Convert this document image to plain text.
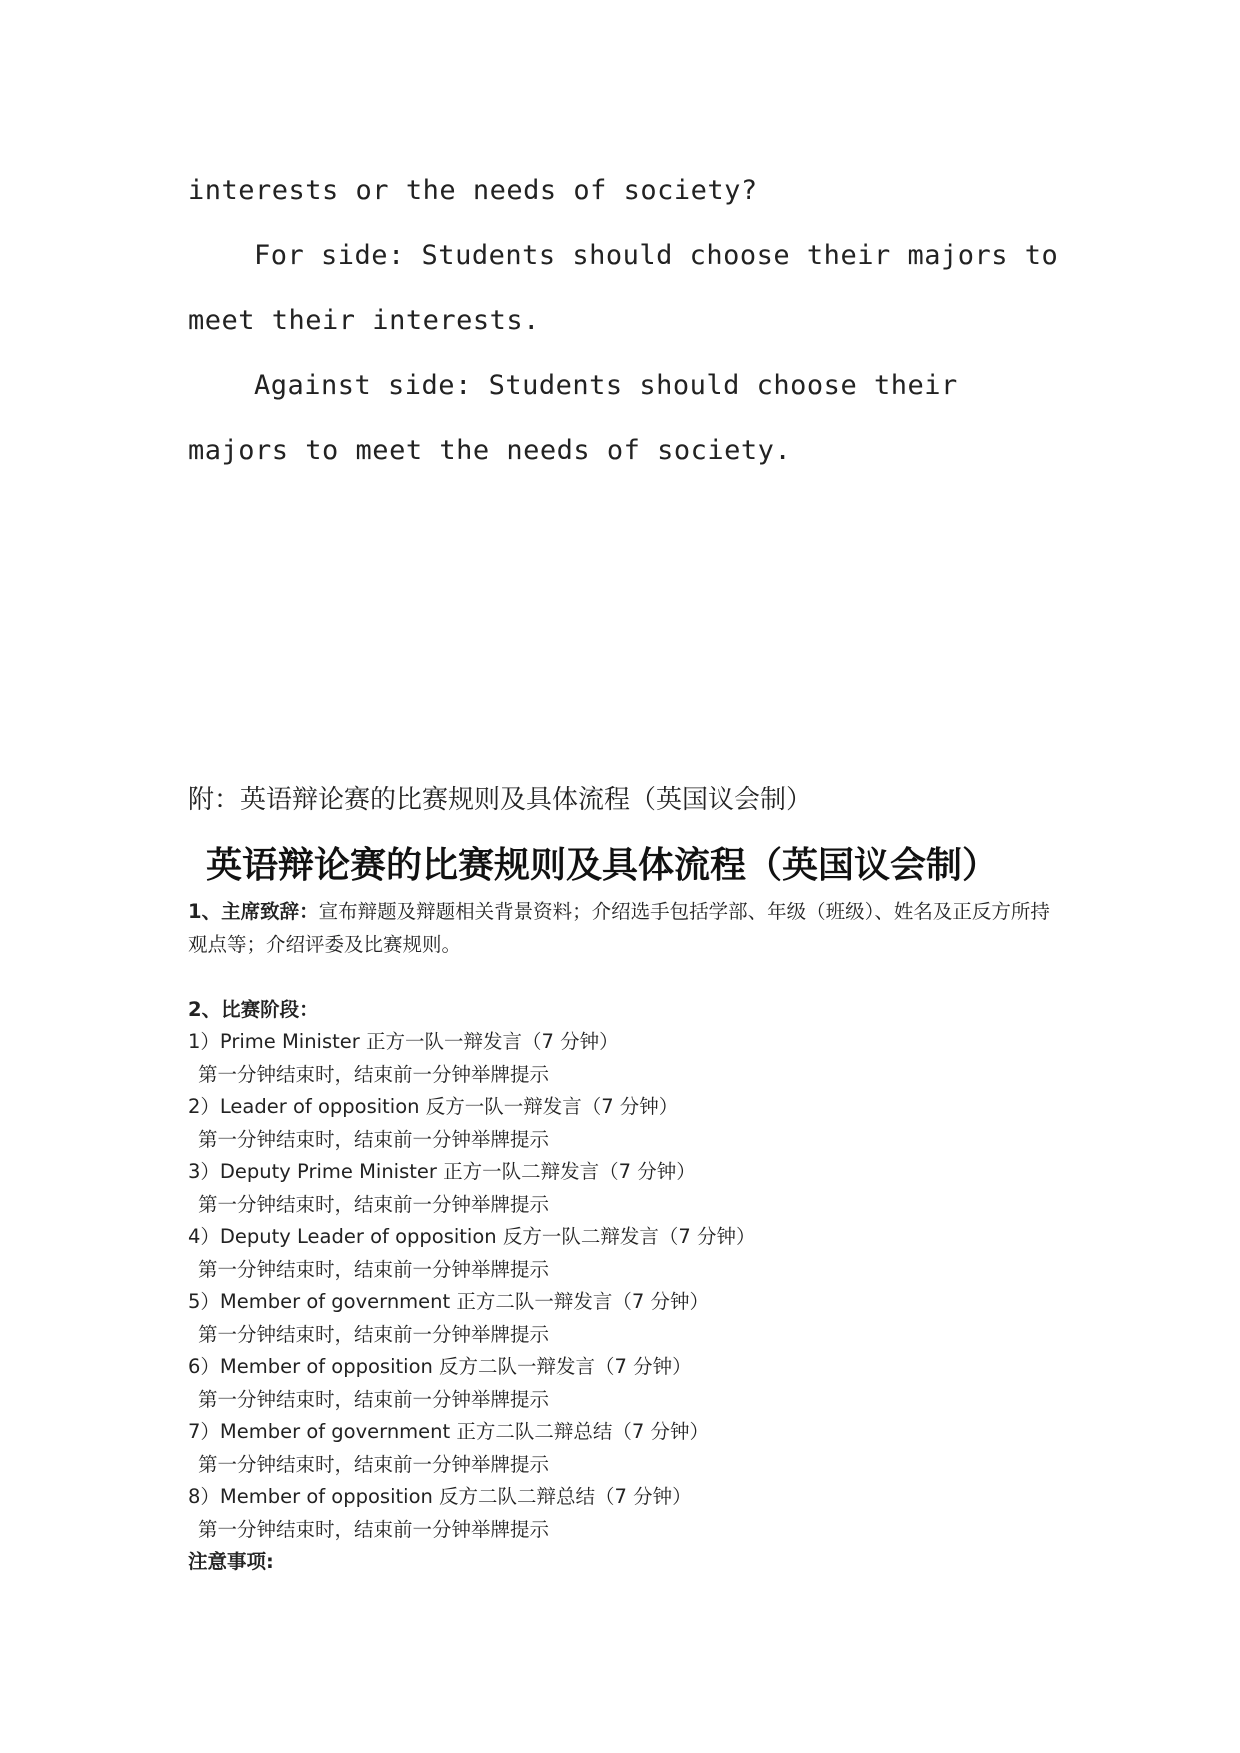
interests or the needs of society?

For side: Students should choose their majors to meet their interests.

Against side: Students should choose their majors to meet the needs of society.

附：英语辩论赛的比赛规则及具体流程（英国议会制）
英语辩论赛的比赛规则及具体流程（英国议会制）

1、主席致辞：宣布辩题及辩题相关背景资料；介绍选手包括学部、年级（班级）、姓名及正反方所持观点等；介绍评委及比赛规则。

2、比赛阶段：

1）Prime Minister 正方一队一辩发言（7 分钟）

第一分钟结束时，结束前一分钟举牌提示

2）Leader of opposition 反方一队一辩发言（7 分钟）

第一分钟结束时，结束前一分钟举牌提示

3）Deputy Prime Minister 正方一队二辩发言（7 分钟）

第一分钟结束时，结束前一分钟举牌提示

4）Deputy Leader of opposition 反方一队二辩发言（7 分钟）

第一分钟结束时，结束前一分钟举牌提示

5）Member of government 正方二队一辩发言（7 分钟）

第一分钟结束时，结束前一分钟举牌提示

6）Member of opposition 反方二队一辩发言（7 分钟）

第一分钟结束时，结束前一分钟举牌提示

7）Member of government 正方二队二辩总结（7 分钟）

第一分钟结束时，结束前一分钟举牌提示

8）Member of opposition 反方二队二辩总结（7 分钟）

第一分钟结束时，结束前一分钟举牌提示

注意事项:
